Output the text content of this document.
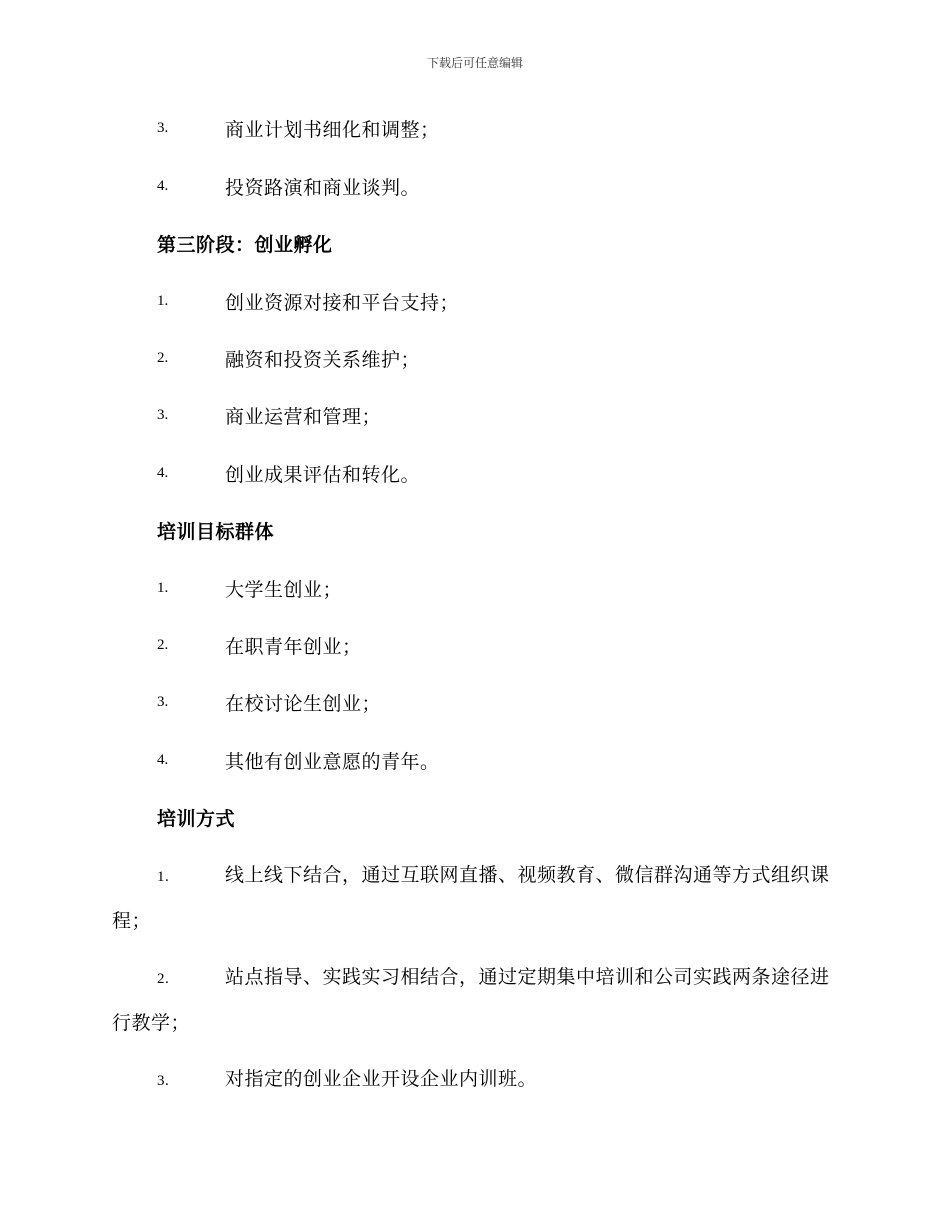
下载后可任意编辑
3.	商业计划书细化和调整；
4.	投资路演和商业谈判。
第三阶段：创业孵化
1.	创业资源对接和平台支持；
2.	融资和投资关系维护；
3.	商业运营和管理；
4.	创业成果评估和转化。
培训目标群体
1.	大学生创业；
2.	在职青年创业；
3.	在校讨论生创业；
4.	其他有创业意愿的青年。
培训方式
1.	线上线下结合，通过互联网直播、视频教育、微信群沟通等方式组织课程；
2.	站点指导、实践实习相结合，通过定期集中培训和公司实践两条途径进行教学；
3.	对指定的创业企业开设企业内训班。
